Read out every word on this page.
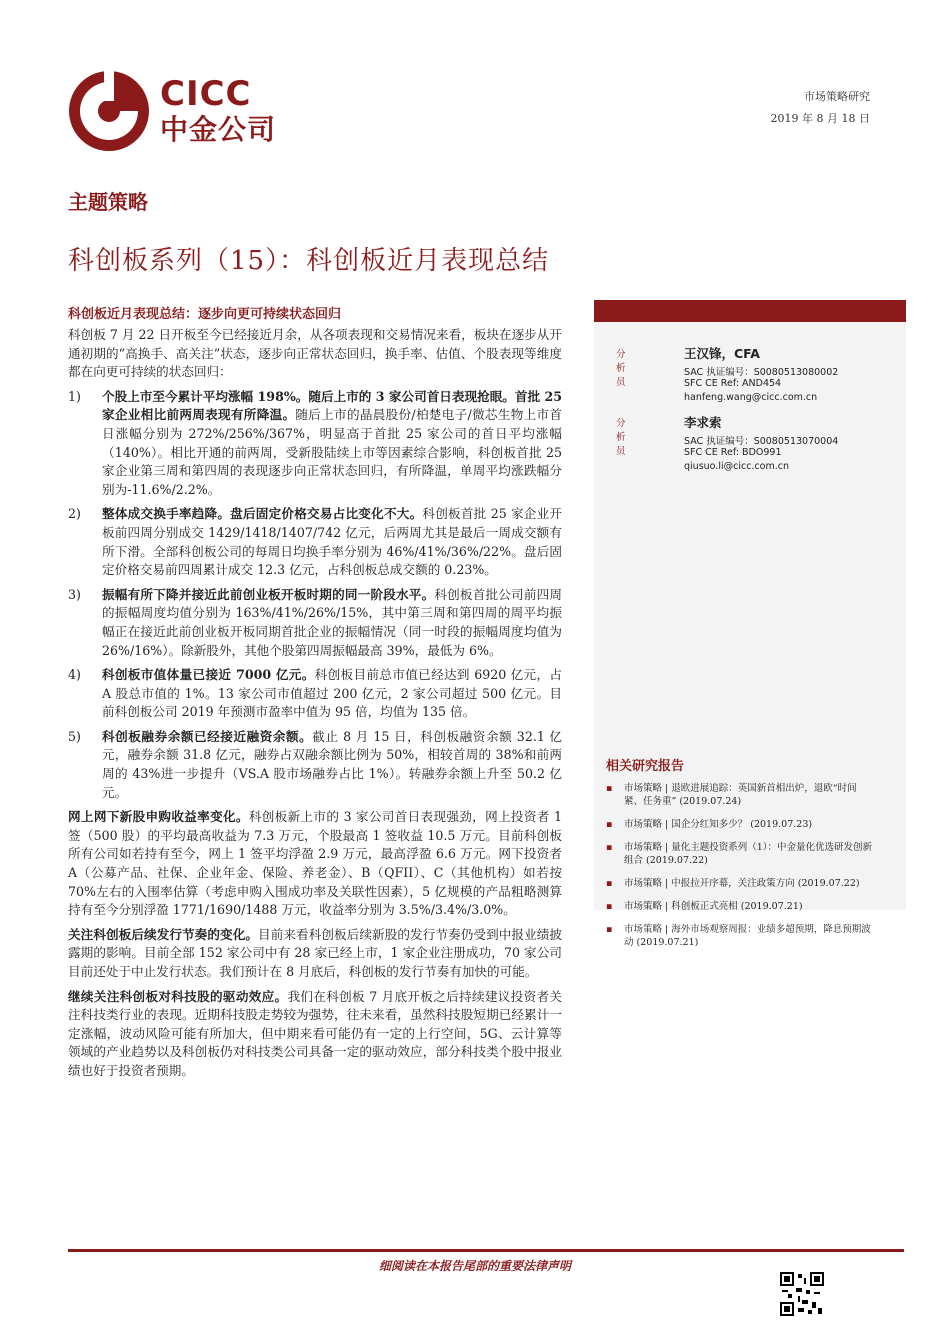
CICC
中金公司
市场策略研究
2019 年 8 月 18 日
主题策略
科创板系列（15）：科创板近月表现总结
科创板近月表现总结：逐步向更可持续状态回归

科创板 7 月 22 日开板至今已经接近月余，从各项表现和交易情况来看，板块在逐步从开通初期的“高换手、高关注”状态，逐步向正常状态回归，换手率、估值、个股表现等维度都在向更可持续的状态回归：

1)	个股上市至今累计平均涨幅 198%。随后上市的 3 家公司首日表现抢眼。首批 25 家企业相比前两周表现有所降温。随后上市的晶晨股份/柏楚电子/微芯生物上市首日涨幅分别为 272%/256%/367%，明显高于首批 25 家公司的首日平均涨幅（140%）。相比开通的前两周，受新股陆续上市等因素综合影响，科创板首批 25 家企业第三周和第四周的表现逐步向正常状态回归，有所降温，单周平均涨跌幅分别为-11.6%/2.2%。
2)	整体成交换手率趋降。盘后固定价格交易占比变化不大。科创板首批 25 家企业开板前四周分别成交 1429/1418/1407/742 亿元，后两周尤其是最后一周成交额有所下滑。全部科创板公司的每周日均换手率分别为 46%/41%/36%/22%。盘后固定价格交易前四周累计成交 12.3 亿元，占科创板总成交额的 0.23%。
3)	振幅有所下降并接近此前创业板开板时期的同一阶段水平。科创板首批公司前四周的振幅周度均值分别为 163%/41%/26%/15%，其中第三周和第四周的周平均振幅正在接近此前创业板开板同期首批企业的振幅情况（同一时段的振幅周度均值为 26%/16%）。除新股外，其他个股第四周振幅最高 39%，最低为 6%。
4)	科创板市值体量已接近 7000 亿元。科创板目前总市值已经达到 6920 亿元，占 A 股总市值的 1%。13 家公司市值超过 200 亿元，2 家公司超过 500 亿元。目前科创板公司 2019 年预测市盈率中值为 95 倍，均值为 135 倍。
5)	科创板融券余额已经接近融资余额。截止 8 月 15 日，科创板融资余额 32.1 亿元，融券余额 31.8 亿元，融券占双融余额比例为 50%，相较首周的 38%和前两周的 43%进一步提升（VS.A 股市场融券占比 1%）。转融券余额上升至 50.2 亿元。

网上网下新股申购收益率变化。科创板新上市的 3 家公司首日表现强劲，网上投资者 1 签（500 股）的平均最高收益为 7.3 万元，个股最高 1 签收益 10.5 万元。目前科创板所有公司如若持有至今，网上 1 签平均浮盈 2.9 万元，最高浮盈 6.6 万元。网下投资者 A（公募产品、社保、企业年金、保险、养老金）、B（QFII）、C（其他机构）如若按 70%左右的入围率估算（考虑申购入围成功率及关联性因素），5 亿规模的产品粗略测算持有至今分别浮盈 1771/1690/1488 万元，收益率分别为 3.5%/3.4%/3.0%。

关注科创板后续发行节奏的变化。目前来看科创板后续新股的发行节奏仍受到中报业绩披露期的影响。目前全部 152 家公司中有 28 家已经上市，1 家企业注册成功，70 家公司目前还处于中止发行状态。我们预计在 8 月底后，科创板的发行节奏有加快的可能。

继续关注科创板对科技股的驱动效应。我们在科创板 7 月底开板之后持续建议投资者关注科技类行业的表现。近期科技股走势较为强势，往未来看，虽然科技股短期已经累计一定涨幅，波动风险可能有所加大，但中期来看可能仍有一定的上行空间，5G、云计算等领域的产业趋势以及科创板仍对科技类公司具备一定的驱动效应，部分科技类个股中报业绩也好于投资者预期。

分析员
王汉锋，CFA
SAC 执证编号：S0080513080002
SFC CE Ref: AND454
hanfeng.wang@cicc.com.cn
分析员
李求索
SAC 执证编号：S0080513070004
SFC CE Ref: BDO991
qiusuo.li@cicc.com.cn
相关研究报告
▪	市场策略 | 退欧进展追踪：英国新首相出炉，退欧“时间紧、任务重” (2019.07.24)
▪	市场策略 | 国企分红知多少？ (2019.07.23)
▪	市场策略 | 量化主题投资系列（1）：中金量化优选研发创新组合 (2019.07.22)
▪	市场策略 | 中报拉开序幕，关注政策方向 (2019.07.22)
▪	市场策略 | 科创板正式亮相 (2019.07.21)
▪	市场策略 | 海外市场观察周报：业绩多超预期，降息预期波动 (2019.07.21)
细阅读在本报告尾部的重要法律声明
